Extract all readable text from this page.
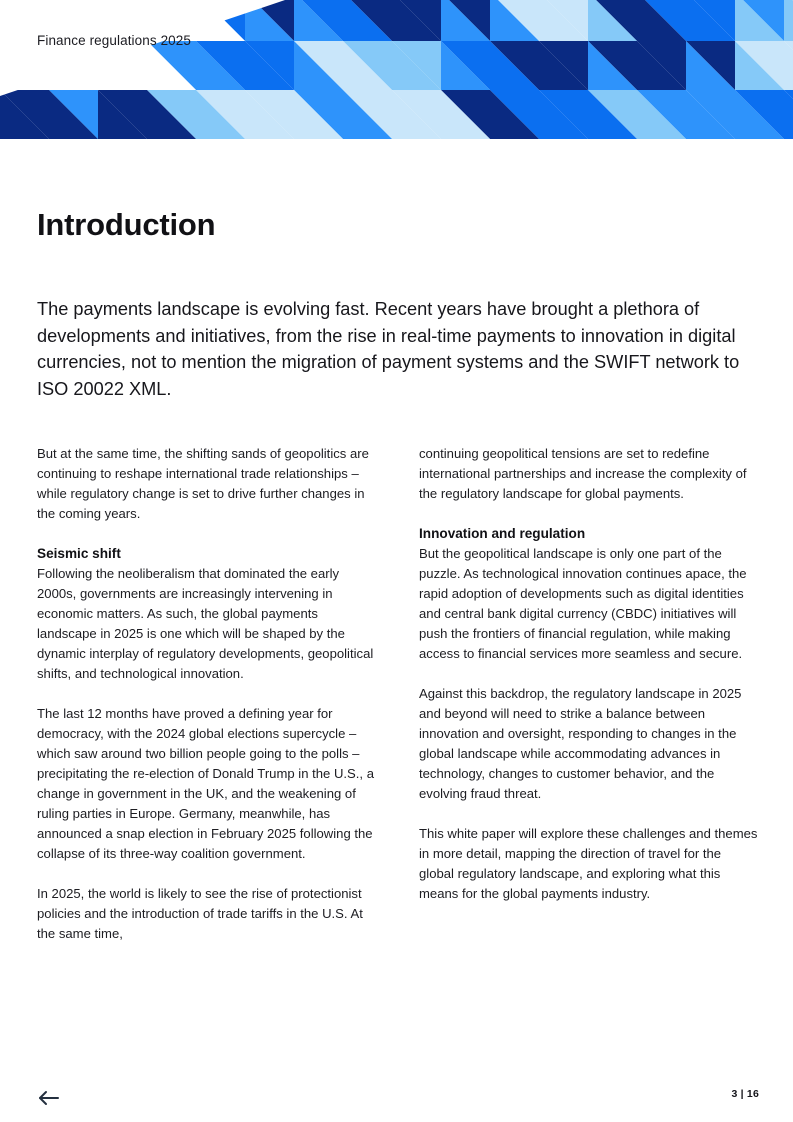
Finance regulations 2025
Introduction

The payments landscape is evolving fast. Recent years have brought a plethora of developments and initiatives, from the rise in real-time payments to innovation in digital currencies, not to mention the migration of payment systems and the SWIFT network to ISO 20022 XML.

But at the same time, the shifting sands of geopolitics are continuing to reshape international trade relationships – while regulatory change is set to drive further changes in the coming years.

Seismic shift

Following the neoliberalism that dominated the early 2000s, governments are increasingly intervening in economic matters. As such, the global payments landscape in 2025 is one which will be shaped by the dynamic interplay of regulatory developments, geopolitical shifts, and technological innovation.

The last 12 months have proved a defining year for democracy, with the 2024 global elections supercycle – which saw around two billion people going to the polls – precipitating the re-election of Donald Trump in the U.S., a change in government in the UK, and the weakening of ruling parties in Europe. Germany, meanwhile, has announced a snap election in February 2025 following the collapse of its three-way coalition government.

In 2025, the world is likely to see the rise of protectionist policies and the introduction of trade tariffs in the U.S. At the same time,

continuing geopolitical tensions are set to redefine international partnerships and increase the complexity of the regulatory landscape for global payments.

Innovation and regulation

But the geopolitical landscape is only one part of the puzzle. As technological innovation continues apace, the rapid adoption of developments such as digital identities and central bank digital currency (CBDC) initiatives will push the frontiers of financial regulation, while making access to financial services more seamless and secure.

Against this backdrop, the regulatory landscape in 2025 and beyond will need to strike a balance between innovation and oversight, responding to changes in the global landscape while accommodating advances in technology, changes to customer behavior, and the evolving fraud threat.

This white paper will explore these challenges and themes in more detail, mapping the direction of travel for the global regulatory landscape, and exploring what this means for the global payments industry.

3 | 16
